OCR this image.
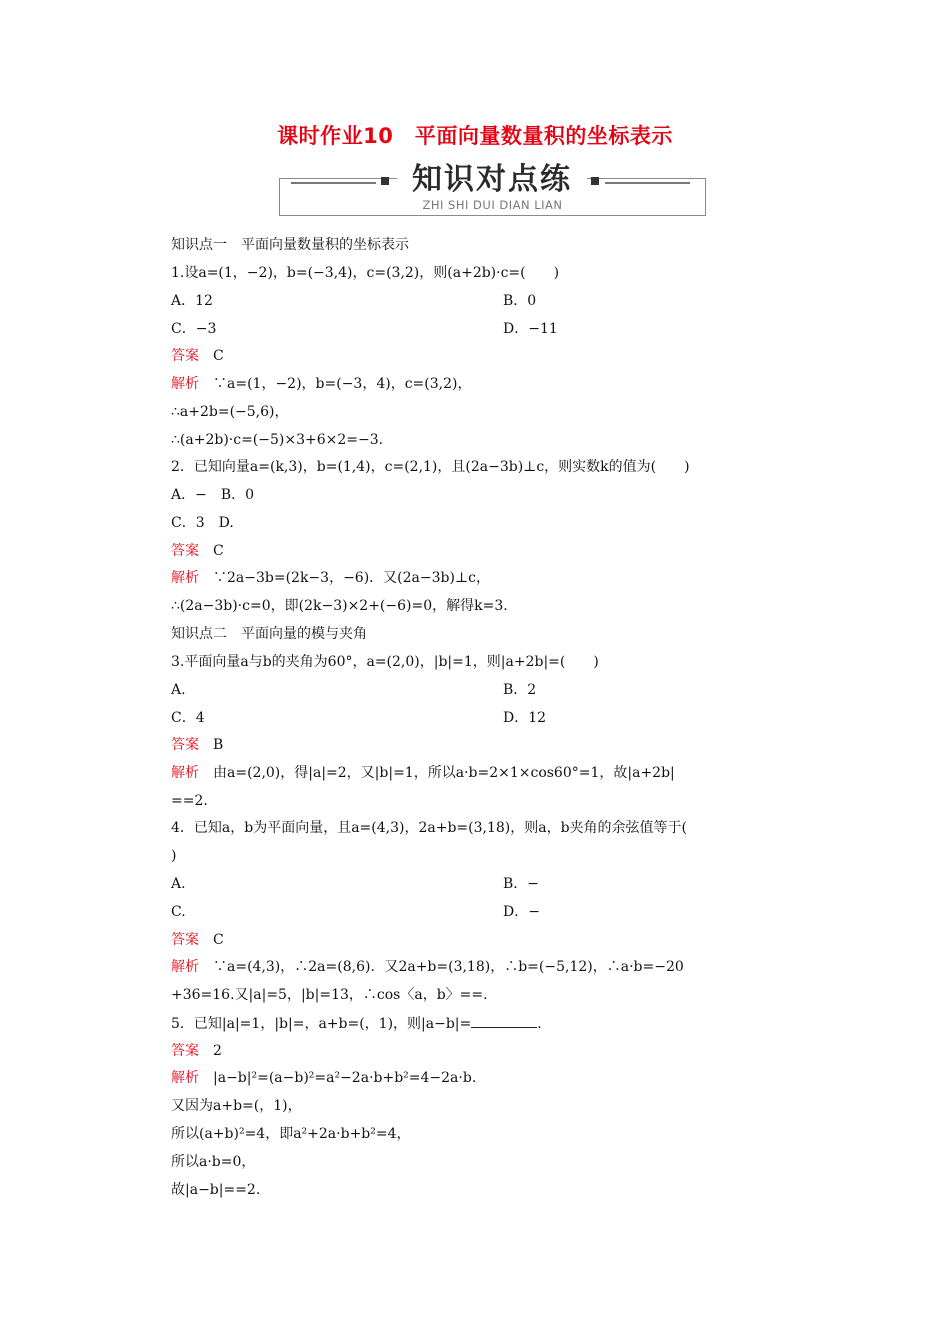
课时作业10　平面向量数量积的坐标表示
知识对点练
ZHI SHI DUI DIAN LIAN
知识点一　平面向量数量积的坐标表示
1.设a=(1，−2)，b=(−3,4)，c=(3,2)，则(a+2b)·c=(　　)
A．12	B．0
C．−3	D．−11
答案　C
解析　∵a=(1，−2)，b=(−3，4)，c=(3,2)，
∴a+2b=(−5,6)，
∴(a+2b)·c=(−5)×3+6×2=−3.
2．已知向量a=(k,3)，b=(1,4)，c=(2,1)，且(2a−3b)⊥c，则实数k的值为(　　)
A．−　B．0
C．3　D.
答案　C
解析　∵2a−3b=(2k−3，−6)．又(2a−3b)⊥c，
∴(2a−3b)·c=0，即(2k−3)×2+(−6)=0，解得k=3.
知识点二　平面向量的模与夹角
3.平面向量a与b的夹角为60°，a=(2,0)，|b|=1，则|a+2b|=(　　)
A.	B．2
C．4	D．12
答案　B
解析　由a=(2,0)，得|a|=2，又|b|=1，所以a·b=2×1×cos60°=1，故|a+2b|
==2.
4．已知a，b为平面向量，且a=(4,3)，2a+b=(3,18)，则a，b夹角的余弦值等于(
)
A.	B．−
C.	D．−
答案　C
解析　∵a=(4,3)，∴2a=(8,6)．又2a+b=(3,18)，∴b=(−5,12)，∴a·b=−20
+36=16.又|a|=5，|b|=13，∴cos〈a，b〉==.
5．已知|a|=1，|b|=，a+b=(，1)，则|a−b|=	.
答案　2
解析　|a−b|²=(a−b)²=a²−2a·b+b²=4−2a·b.
又因为a+b=(，1)，
所以(a+b)²=4，即a²+2a·b+b²=4，
所以a·b=0，
故|a−b|==2.
